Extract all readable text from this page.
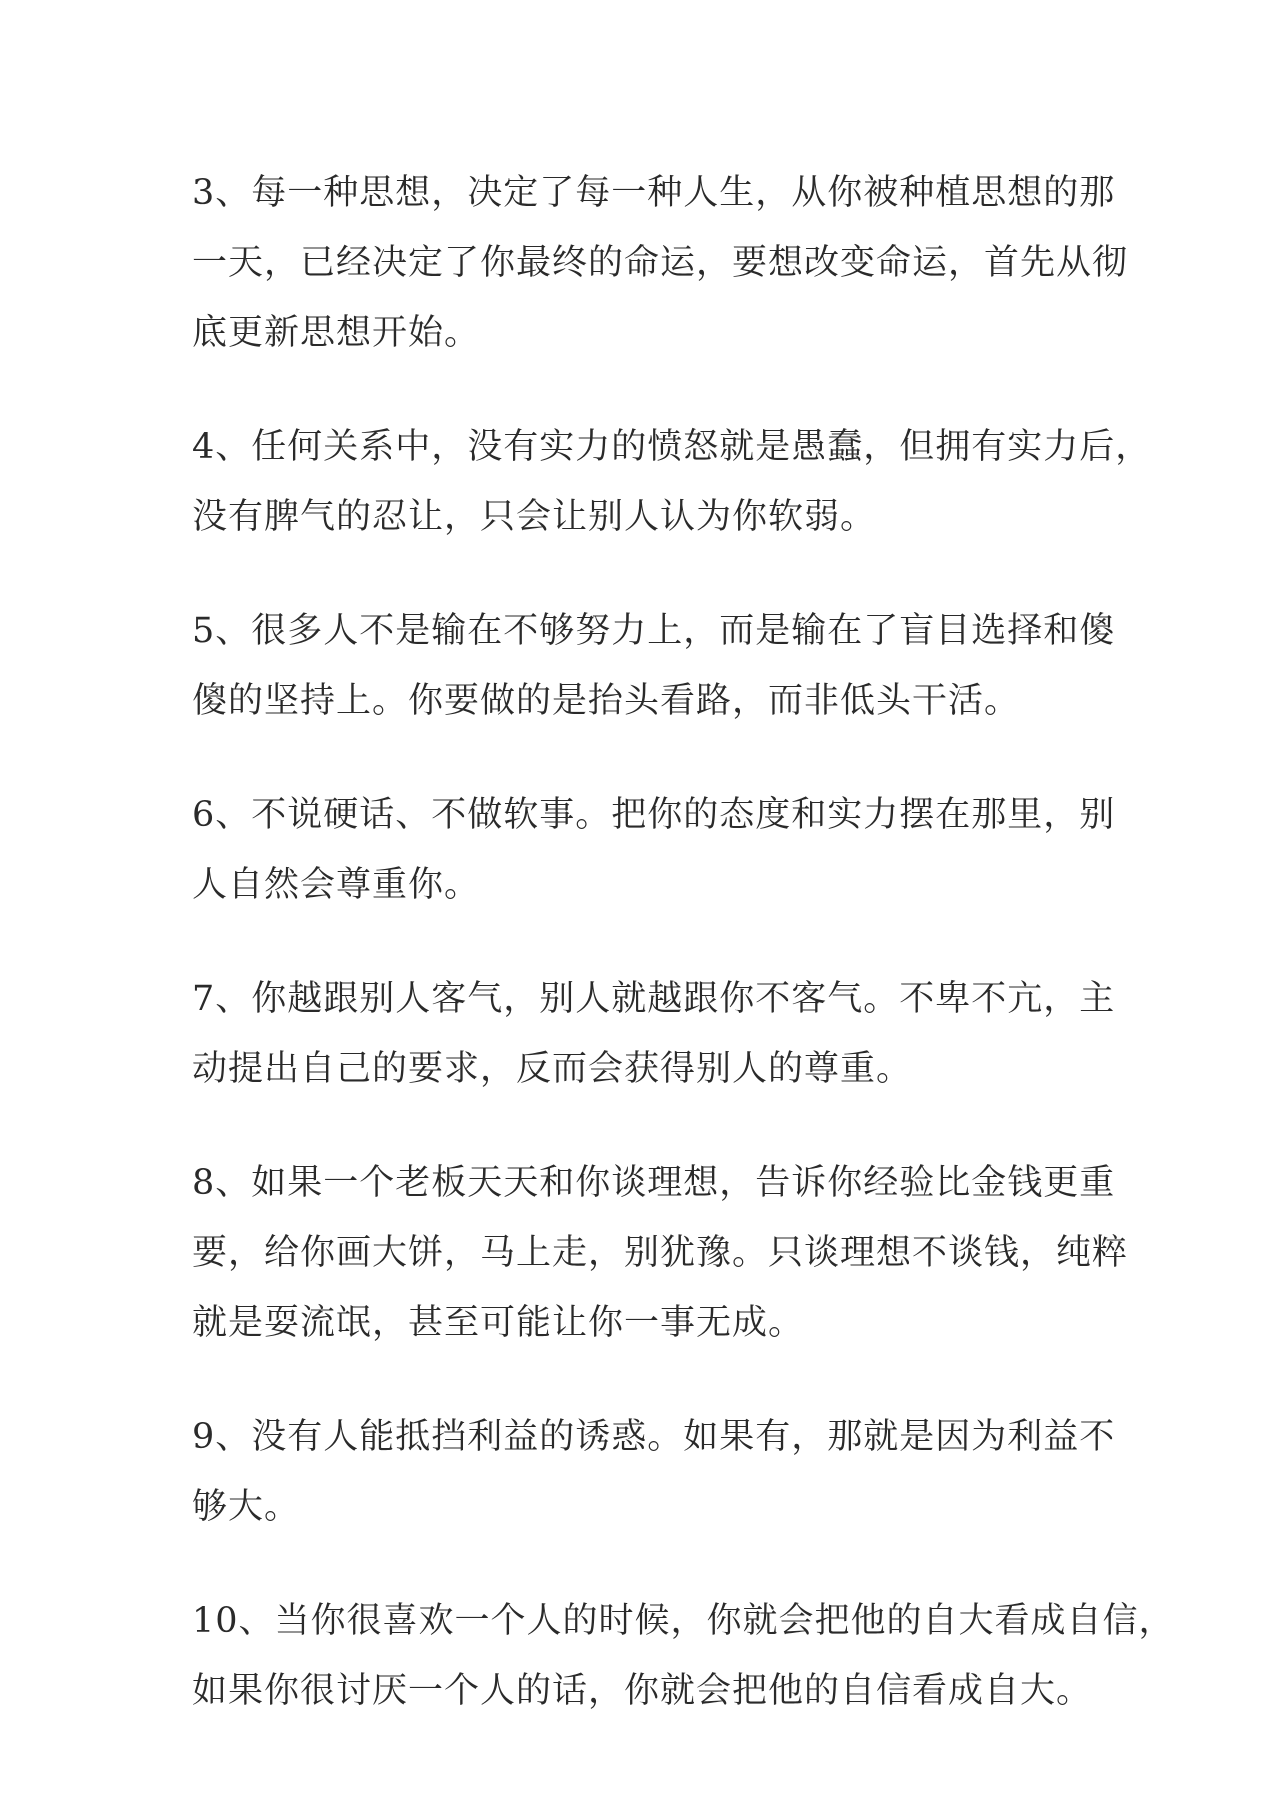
3、每一种思想，决定了每一种人生，从你被种植思想的那
一天，已经决定了你最终的命运，要想改变命运，首先从彻
底更新思想开始。

4、任何关系中，没有实力的愤怒就是愚蠢，但拥有实力后，
没有脾气的忍让，只会让别人认为你软弱。

5、很多人不是输在不够努力上，而是输在了盲目选择和傻
傻的坚持上。你要做的是抬头看路，而非低头干活。

6、不说硬话、不做软事。把你的态度和实力摆在那里，别
人自然会尊重你。

7、你越跟别人客气，别人就越跟你不客气。不卑不亢，主
动提出自己的要求，反而会获得别人的尊重。

8、如果一个老板天天和你谈理想，告诉你经验比金钱更重
要，给你画大饼，马上走，别犹豫。只谈理想不谈钱，纯粹
就是耍流氓，甚至可能让你一事无成。

9、没有人能抵挡利益的诱惑。如果有，那就是因为利益不
够大。

10、当你很喜欢一个人的时候，你就会把他的自大看成自信，
如果你很讨厌一个人的话，你就会把他的自信看成自大。
